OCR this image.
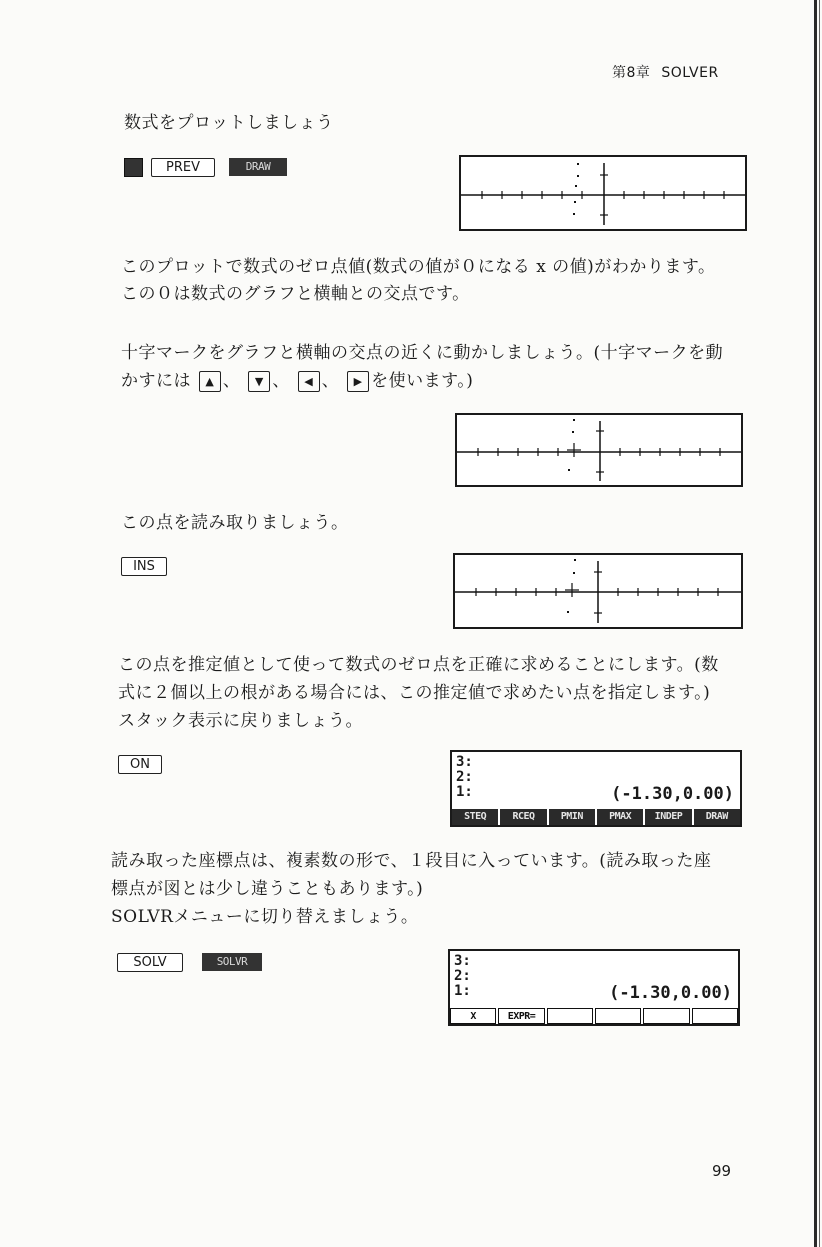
第8章 SOLVER
数式をプロットしましょう
PREV	DRAW
このプロットで数式のゼロ点値(数式の値が０になる x の値)がわかります。
この０は数式のグラフと横軸との交点です。
十字マークをグラフと横軸の交点の近くに動かしましょう。(十字マークを動
かすには ▲ 、 ▼ 、 ◀ 、 ▶ を使います。)
この点を読み取りましょう。
INS
この点を推定値として使って数式のゼロ点を正確に求めることにします。(数
式に２個以上の根がある場合には、この推定値で求めたい点を指定します。)
スタック表示に戻りましょう。
ON	3:
2:
1:	(-1.30,0.00)
STEQ	RCEQ	PMIN	PMAX	INDEP	DRAW
読み取った座標点は、複素数の形で、１段目に入っています。(読み取った座
標点が図とは少し違うこともあります。)
SOLVRメニューに切り替えましょう。
SOLV	SOLVR	3:
2:
1:	(-1.30,0.00)
X	EXPR=
99
